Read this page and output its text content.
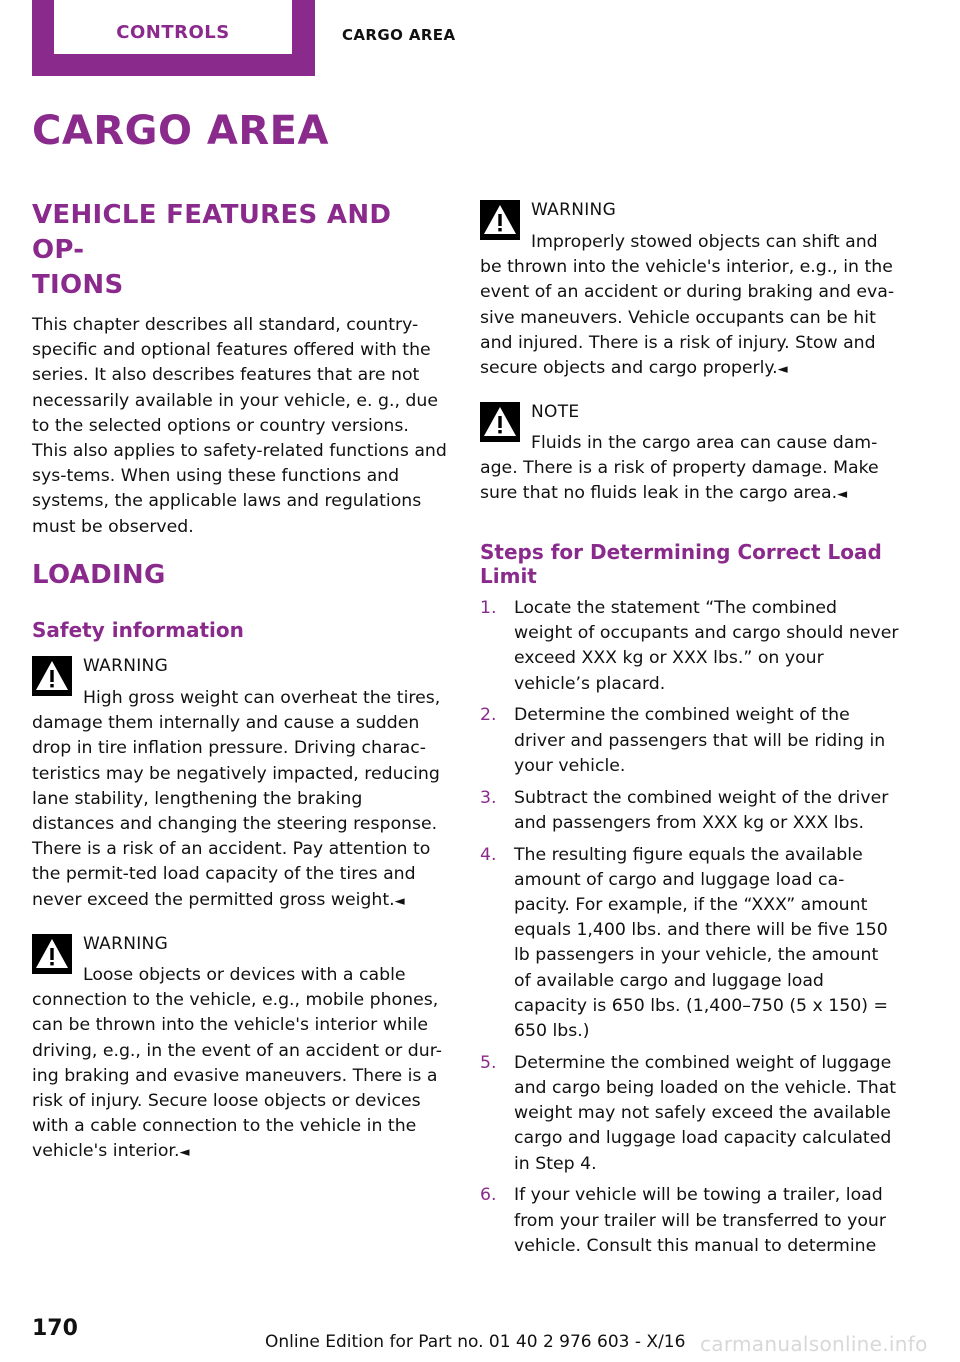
CONTROLS	CARGO AREA
CARGO AREA
VEHICLE FEATURES AND OP-
TIONS

This chapter describes all standard, country-specific and optional features offered with the series. It also describes features that are not necessarily available in your vehicle, e. g., due to the selected options or country versions. This also applies to safety-related functions and sys-tems. When using these functions and systems, the applicable laws and regulations must be observed.

LOADING
Safety information
WARNING
High gross weight can overheat the tires,
damage them internally and cause a sudden drop in tire inflation pressure. Driving charac-teristics may be negatively impacted, reducing lane stability, lengthening the braking distances and changing the steering response. There is a risk of an accident. Pay attention to the permit-ted load capacity of the tires and never exceed the permitted gross weight.◄
WARNING
Loose objects or devices with a cable
connection to the vehicle, e.g., mobile phones, can be thrown into the vehicle's interior while driving, e.g., in the event of an accident or dur-ing braking and evasive maneuvers. There is a risk of injury. Secure loose objects or devices with a cable connection to the vehicle in the vehicle's interior.◄
WARNING
Improperly stowed objects can shift and
be thrown into the vehicle's interior, e.g., in the event of an accident or during braking and eva-sive maneuvers. Vehicle occupants can be hit and injured. There is a risk of injury. Stow and secure objects and cargo properly.◄
NOTE
Fluids in the cargo area can cause dam-
age. There is a risk of property damage. Make sure that no fluids leak in the cargo area.◄
Steps for Determining Correct Load
Limit
1. Locate the statement “The combined weight of occupants and cargo should never exceed XXX kg or XXX lbs.” on your vehicle’s placard.
2. Determine the combined weight of the driver and passengers that will be riding in your vehicle.
3. Subtract the combined weight of the driver and passengers from XXX kg or XXX lbs.
4. The resulting figure equals the available amount of cargo and luggage load ca-pacity. For example, if the “XXX” amount equals 1,400 lbs. and there will be five 150 lb passengers in your vehicle, the amount of available cargo and luggage load capacity is 650 lbs. (1,400–750 (5 x 150) = 650 lbs.)
5. Determine the combined weight of luggage and cargo being loaded on the vehicle. That weight may not safely exceed the available cargo and luggage load capacity calculated in Step 4.
6. If your vehicle will be towing a trailer, load from your trailer will be transferred to your vehicle. Consult this manual to determine
170
Online Edition for Part no. 01 40 2 976 603 - X/16 carmanualsonline.info
